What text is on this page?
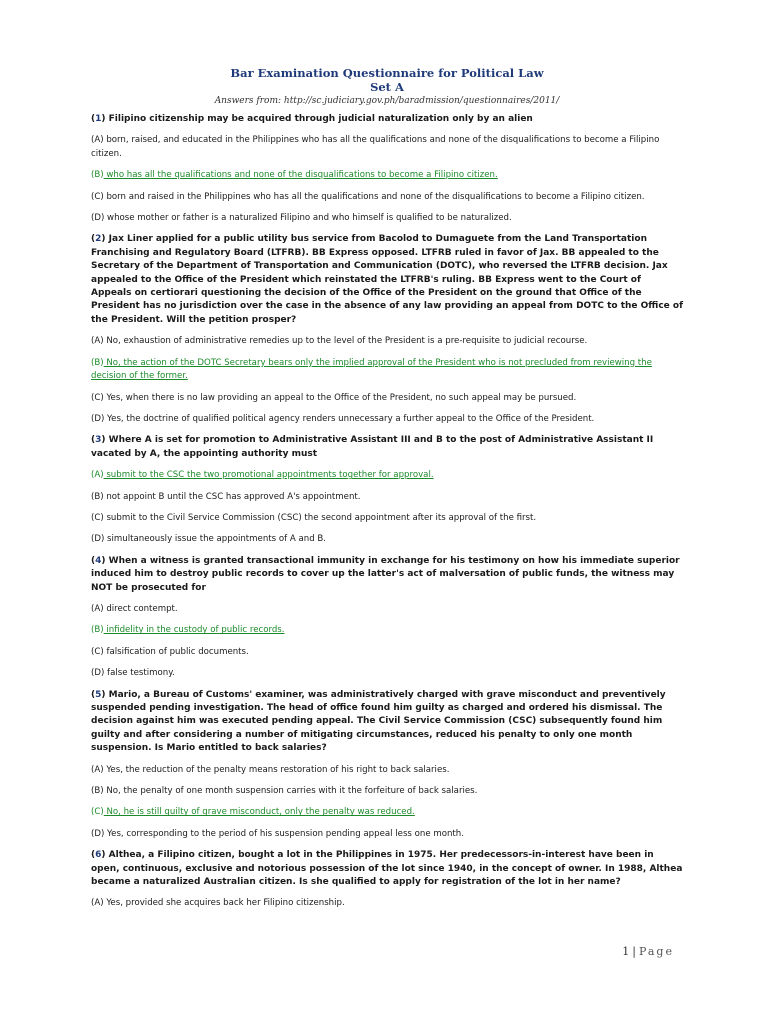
Bar Examination Questionnaire for Political Law

Set A

Answers from: http://sc.judiciary.gov.ph/baradmission/questionnaires/2011/

(1) Filipino citizenship may be acquired through judicial naturalization only by an alien

(A) born, raised, and educated in the Philippines who has all the qualifications and none of the disqualifications to become a Filipino citizen.

(B) who has all the qualifications and none of the disqualifications to become a Filipino citizen.

(C) born and raised in the Philippines who has all the qualifications and none of the disqualifications to become a Filipino citizen.

(D) whose mother or father is a naturalized Filipino and who himself is qualified to be naturalized.

(2) Jax Liner applied for a public utility bus service from Bacolod to Dumaguete from the Land Transportation Franchising and Regulatory Board (LTFRB). BB Express opposed. LTFRB ruled in favor of Jax. BB appealed to the Secretary of the Department of Transportation and Communication (DOTC), who reversed the LTFRB decision. Jax appealed to the Office of the President which reinstated the LTFRB's ruling. BB Express went to the Court of Appeals on certiorari questioning the decision of the Office of the President on the ground that Office of the President has no jurisdiction over the case in the absence of any law providing an appeal from DOTC to the Office of the President. Will the petition prosper?

(A) No, exhaustion of administrative remedies up to the level of the President is a pre-requisite to judicial recourse.

(B) No, the action of the DOTC Secretary bears only the implied approval of the President who is not precluded from reviewing the decision of the former.

(C) Yes, when there is no law providing an appeal to the Office of the President, no such appeal may be pursued.

(D) Yes, the doctrine of qualified political agency renders unnecessary a further appeal to the Office of the President.

(3) Where A is set for promotion to Administrative Assistant III and B to the post of Administrative Assistant II vacated by A, the appointing authority must

(A) submit to the CSC the two promotional appointments together for approval.

(B) not appoint B until the CSC has approved A's appointment.

(C) submit to the Civil Service Commission (CSC) the second appointment after its approval of the first.

(D) simultaneously issue the appointments of A and B.

(4) When a witness is granted transactional immunity in exchange for his testimony on how his immediate superior induced him to destroy public records to cover up the latter's act of malversation of public funds, the witness may NOT be prosecuted for

(A) direct contempt.

(B) infidelity in the custody of public records.

(C) falsification of public documents.

(D) false testimony.

(5) Mario, a Bureau of Customs' examiner, was administratively charged with grave misconduct and preventively suspended pending investigation. The head of office found him guilty as charged and ordered his dismissal. The decision against him was executed pending appeal. The Civil Service Commission (CSC) subsequently found him guilty and after considering a number of mitigating circumstances, reduced his penalty to only one month suspension. Is Mario entitled to back salaries?

(A) Yes, the reduction of the penalty means restoration of his right to back salaries.

(B) No, the penalty of one month suspension carries with it the forfeiture of back salaries.

(C) No, he is still guilty of grave misconduct, only the penalty was reduced.

(D) Yes, corresponding to the period of his suspension pending appeal less one month.

(6) Althea, a Filipino citizen, bought a lot in the Philippines in 1975. Her predecessors-in-interest have been in open, continuous, exclusive and notorious possession of the lot since 1940, in the concept of owner. In 1988, Althea became a naturalized Australian citizen. Is she qualified to apply for registration of the lot in her name?

(A) Yes, provided she acquires back her Filipino citizenship.

1 | Page
